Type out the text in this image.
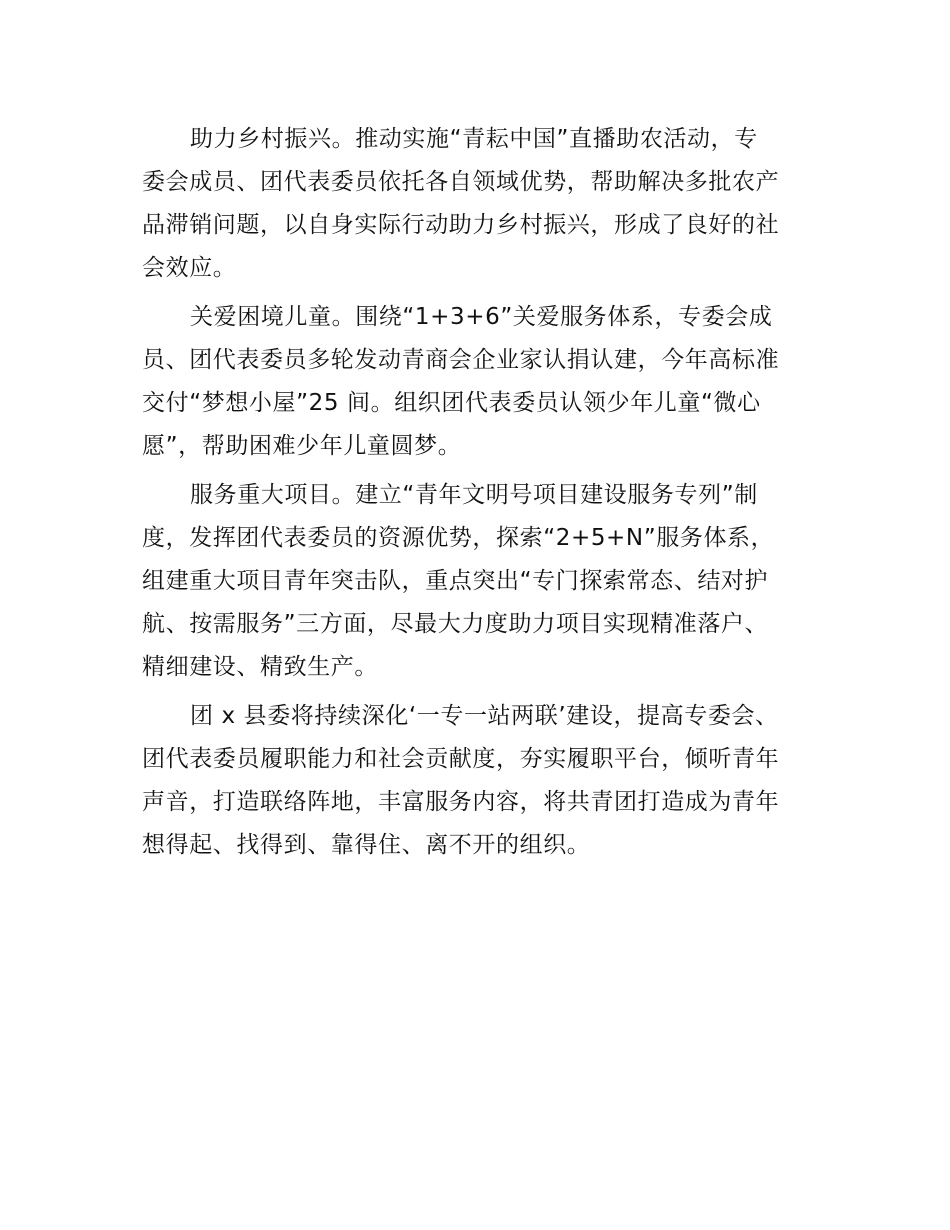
助力乡村振兴。推动实施“青耘中国”直播助农活动，专
委会成员、团代表委员依托各自领域优势，帮助解决多批农产
品滞销问题，以自身实际行动助力乡村振兴，形成了良好的社
会效应。

关爱困境儿童。围绕“1+3+6”关爱服务体系，专委会成
员、团代表委员多轮发动青商会企业家认捐认建，今年高标准
交付“梦想小屋”25 间。组织团代表委员认领少年儿童“微心
愿”，帮助困难少年儿童圆梦。

服务重大项目。建立“青年文明号项目建设服务专列”制
度，发挥团代表委员的资源优势，探索“2+5+N”服务体系，
组建重大项目青年突击队，重点突出“专门探索常态、结对护
航、按需服务”三方面，尽最大力度助力项目实现精准落户、
精细建设、精致生产。

团 x 县委将持续深化‘一专一站两联’建设，提高专委会、
团代表委员履职能力和社会贡献度，夯实履职平台，倾听青年
声音，打造联络阵地，丰富服务内容，将共青团打造成为青年
想得起、找得到、靠得住、离不开的组织。
